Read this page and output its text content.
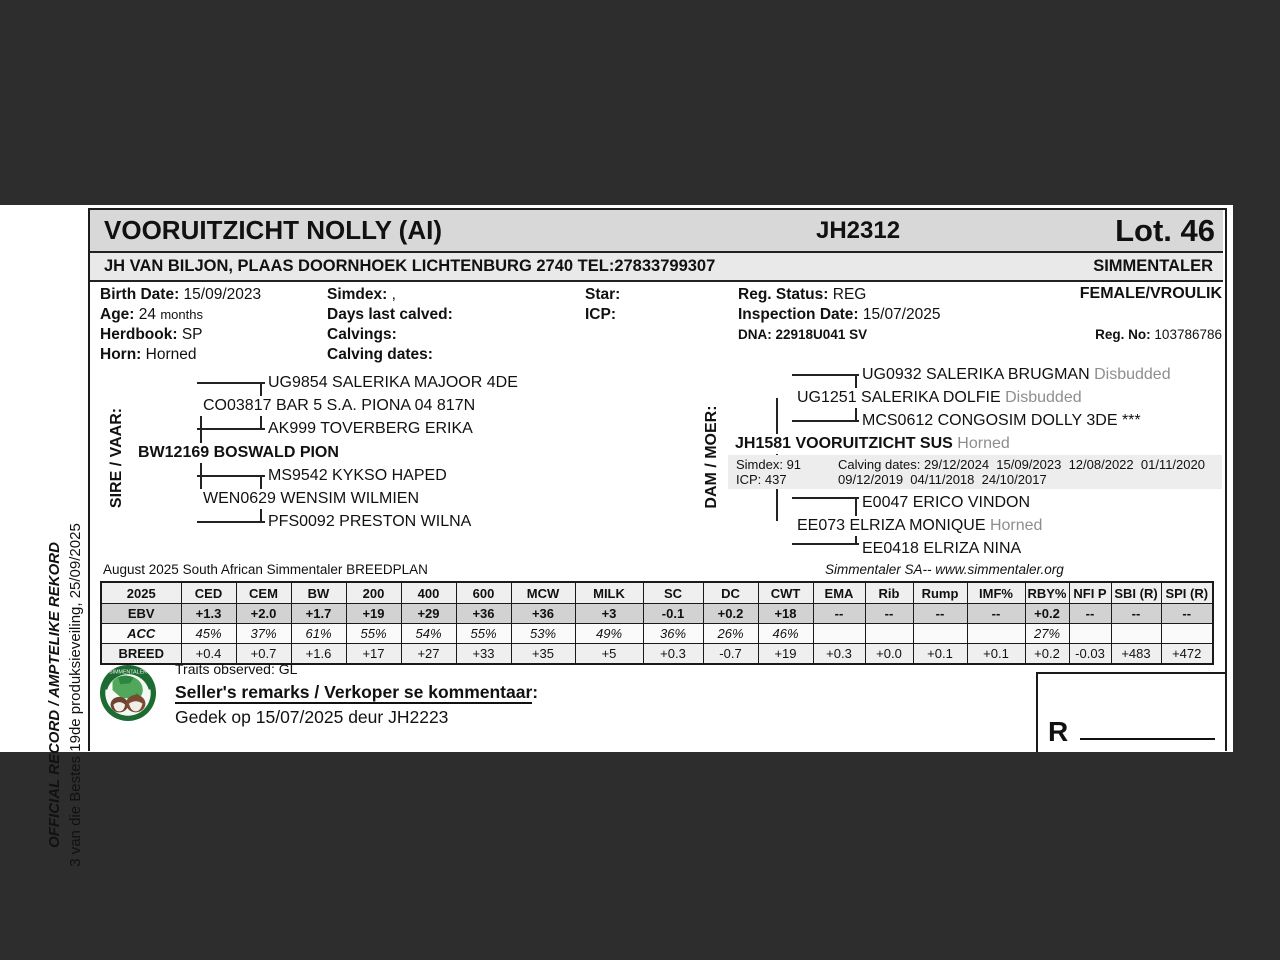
OFFICIAL RECORD / AMPTELIKE REKORD 3 van die Bestes 19de produksieveiling, 25/09/2025
VOORUITZICHT NOLLY (AI)	JH2312	Lot. 46
JH VAN BILJON, PLAAS DOORNHOEK LICHTENBURG 2740 TEL:27833799307	SIMMENTALER
Birth Date: 15/09/2023
Age: 24 months
Herdbook: SP
Horn: Horned
Simdex: ,
Days last calved:
Calvings:
Calving dates:
Star:
ICP:
Reg. Status: REG
Inspection Date: 15/07/2025
DNA: 22918U041 SV
FEMALE/VROULIK
Reg. No: 103786786
SIRE / VAAR:
UG9854 SALERIKA MAJOOR 4DE
CO03817 BAR 5 S.A. PIONA 04 817N
AK999 TOVERBERG ERIKA
BW12169 BOSWALD PION
MS9542 KYKSO HAPED
WEN0629 WENSIM WILMIEN
PFS0092 PRESTON WILNA
DAM / MOER:
UG0932 SALERIKA BRUGMAN Disbudded
UG1251 SALERIKA DOLFIE Disbudded
MCS0612 CONGOSIM DOLLY 3DE ***
JH1581 VOORUITZICHT SUS Horned
Simdex: 91
ICP: 437
Calving dates: 29/12/2024  15/09/2023  12/08/2022  01/11/2020
09/12/2019  04/11/2018  24/10/2017
E0047 ERICO VINDON
EE073 ELRIZA MONIQUE Horned
EE0418 ELRIZA NINA
August 2025 South African Simmentaler BREEDPLAN	Simmentaler SA-- www.simmentaler.org
2025	CED	CEM	BW	200	400	600	MCW	MILK	SC	DC	CWT	EMA	Rib	Rump	IMF%	RBY%	NFI P	SBI (R)	SPI (R)
EBV	+1.3	+2.0	+1.7	+19	+29	+36	+36	+3	-0.1	+0.2	+18	--	--	--	--	+0.2	--	--	--
ACC	45%	37%	61%	55%	54%	55%	53%	49%	36%	26%	46%					27%			
BREED	+0.4	+0.7	+1.6	+17	+27	+33	+35	+5	+0.3	-0.7	+19	+0.3	+0.0	+0.1	+0.1	+0.2	-0.03	+483	+472
SIMMENTALER Traits observed: GL
Seller's remarks / Verkoper se kommentaar:
Gedek op 15/07/2025 deur JH2223	R
